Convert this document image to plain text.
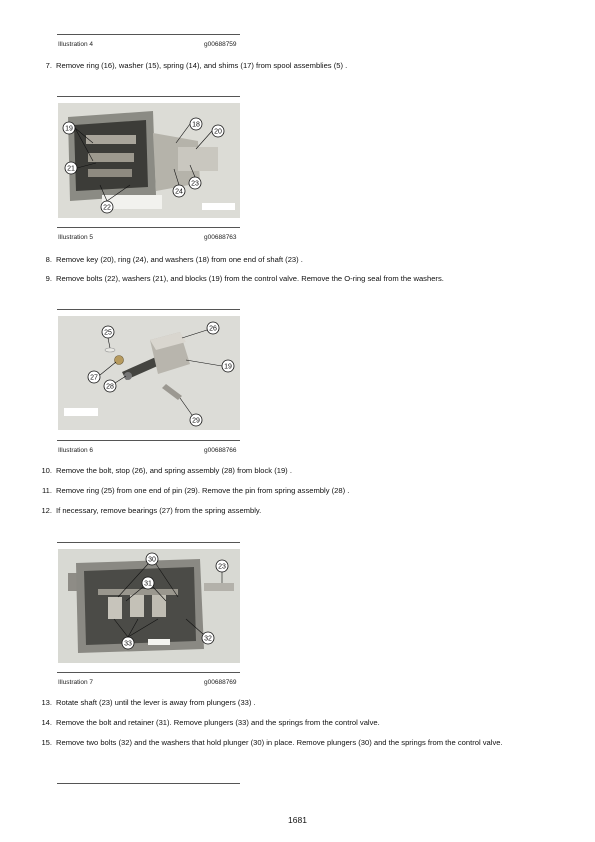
Illustration 4	g00688759
7. Remove ring (16), washer (15), spring (14), and shims (17) from spool assemblies (5) .
19
21
22
18
20
24
23
Illustration 5	g00688763
8. Remove key (20), ring (24), and washers (18) from one end of shaft (23) .
9. Remove bolts (22), washers (21), and blocks (19) from the control valve. Remove the O-ring seal from the washers.
25
27
28
26
19
29
Illustration 6	g00688766
10. Remove the bolt, stop (26), and spring assembly (28) from block (19) .
11. Remove ring (25) from one end of pin (29). Remove the pin from spring assembly (28) .
12. If necessary, remove bearings (27) from the spring assembly.
30
31
23
33
32
Illustration 7	g00688769
13. Rotate shaft (23) until the lever is away from plungers (33) .
14. Remove the bolt and retainer (31). Remove plungers (33) and the springs from the control valve.
15. Remove two bolts (32) and the washers that hold plunger (30) in place. Remove plungers (30) and the springs from the control valve.
1681
